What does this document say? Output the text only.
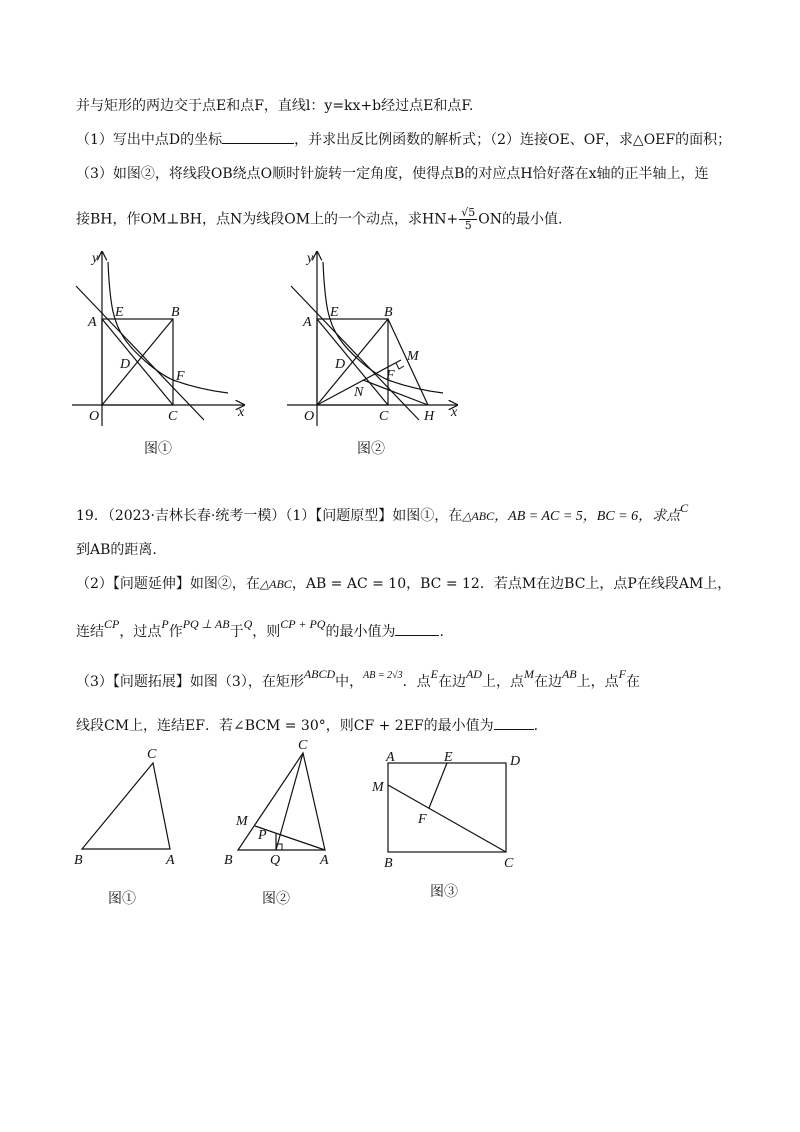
并与矩形的两边交于点E和点F，直线l：y=kx+b经过点E和点F.
（1）写出中点D的坐标	，并求出反比例函数的解析式；（2）连接OE、OF，求△OEF的面积；
（3）如图②，将线段OB绕点O顺时针旋转一定角度，使得点B的对应点H恰好落在x轴的正半轴上，连
接BH，作OM⊥BH，点N为线段OM上的一个动点，求$HN+ \frac{√5}{5}$ ON的最小值.
y
x
O
A
E	B
D
F
C
图①
y
x
O
A
E	B
M
D
F
N
C	H
图②
19．（2023·吉林长春·统考一模）（1）【问题原型】如图①，在△ABC，AB = AC = 5，BC = 6，求点C
到AB的距离.
（2）【问题延伸】如图②，在△ABC，AB = AC = 10，BC = 12．若点M在边BC上，点P在线段AM上，
连结CP，过点P作PQ ⊥ AB于Q，则CP + PQ的最小值为	.
（3）【问题拓展】如图（3），在矩形ABCD中，$^{AB = 2√3}$．点E在边AD上，点M在边AB上，点F在
线段CM上，连结EF．若∠BCM = 30°，则CF + 2EF的最小值为	.
C
B	A
图①
C
M
P
B	Q	A
图②
A	E	D
M
F
B	C
图③
